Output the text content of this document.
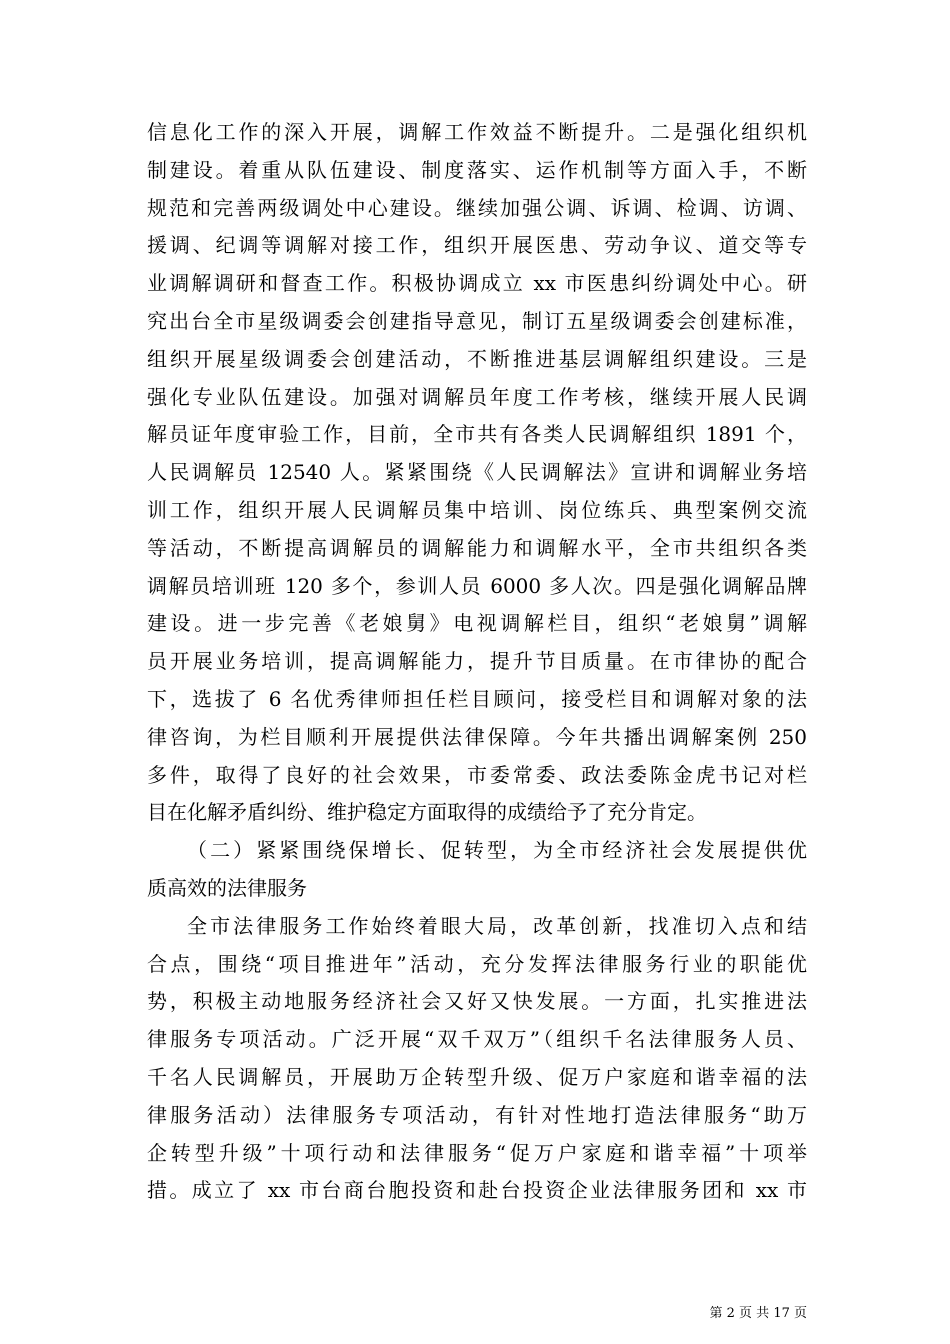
信息化工作的深入开展，调解工作效益不断提升。二是强化组织机
制建设。着重从队伍建设、制度落实、运作机制等方面入手，不断
规范和完善两级调处中心建设。继续加强公调、诉调、检调、访调、
援调、纪调等调解对接工作，组织开展医患、劳动争议、道交等专
业调解调研和督查工作。积极协调成立 xx 市医患纠纷调处中心。研
究出台全市星级调委会创建指导意见，制订五星级调委会创建标准，
组织开展星级调委会创建活动，不断推进基层调解组织建设。三是
强化专业队伍建设。加强对调解员年度工作考核，继续开展人民调
解员证年度审验工作，目前，全市共有各类人民调解组织 1891 个，
人民调解员 12540 人。紧紧围绕《人民调解法》宣讲和调解业务培
训工作，组织开展人民调解员集中培训、岗位练兵、典型案例交流
等活动，不断提高调解员的调解能力和调解水平，全市共组织各类
调解员培训班 120 多个，参训人员 6000 多人次。四是强化调解品牌
建设。进一步完善《老娘舅》电视调解栏目，组织“老娘舅”调解
员开展业务培训，提高调解能力，提升节目质量。在市律协的配合
下，选拔了 6 名优秀律师担任栏目顾问，接受栏目和调解对象的法
律咨询，为栏目顺利开展提供法律保障。今年共播出调解案例 250
多件，取得了良好的社会效果，市委常委、政法委陈金虎书记对栏
目在化解矛盾纠纷、维护稳定方面取得的成绩给予了充分肯定。
（二）紧紧围绕保增长、促转型，为全市经济社会发展提供优
质高效的法律服务
全市法律服务工作始终着眼大局，改革创新，找准切入点和结
合点，围绕“项目推进年”活动，充分发挥法律服务行业的职能优
势，积极主动地服务经济社会又好又快发展。一方面，扎实推进法
律服务专项活动。广泛开展“双千双万”（组织千名法律服务人员、
千名人民调解员，开展助万企转型升级、促万户家庭和谐幸福的法
律服务活动）法律服务专项活动，有针对性地打造法律服务“助万
企转型升级”十项行动和法律服务“促万户家庭和谐幸福”十项举
措。成立了 xx 市台商台胞投资和赴台投资企业法律服务团和 xx 市
第 2 页 共 17 页
